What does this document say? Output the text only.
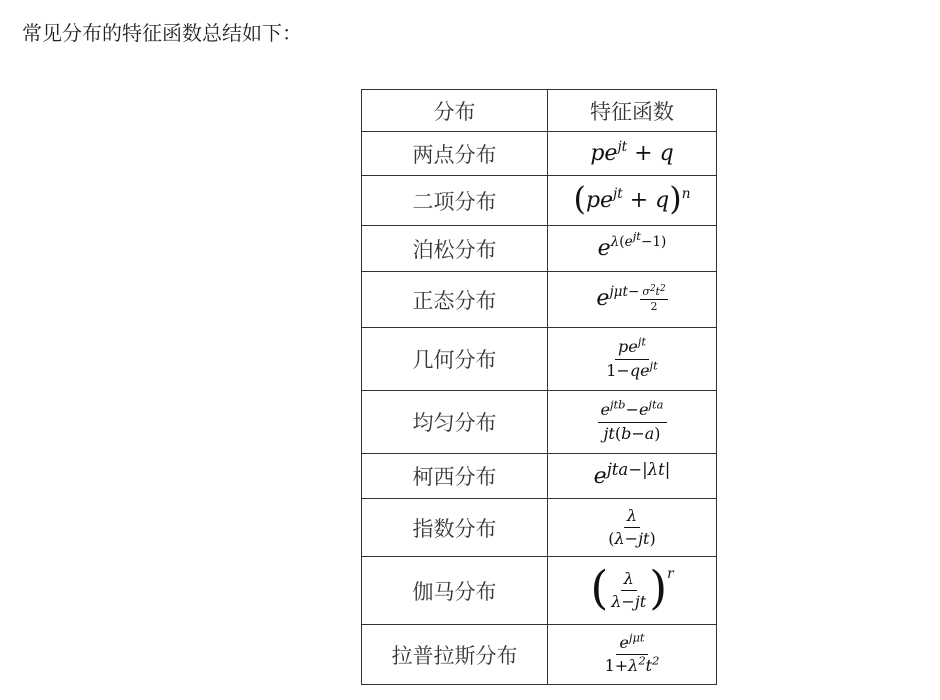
常见分布的特征函数总结如下：

分布	特征函数
两点分布	$pe^{jt} + q$
二项分布	$(pe^{jt} + q)^n$
泊松分布	$e^{\lambda(e^{jt}-1)}$
正态分布	$e^{j\mu t-} \frac{\sigma^2t^2}{2}$

几何分布	$\frac{pe^{jt}}{1-qe^{jt}}$

均匀分布	$\frac{e^{jtb}-e^{jta}}{jt(b-a)}$

柯西分布	$e^{jta-|\lambda t|}$
指数分布	$\frac{\lambda}{(\lambda-jt)}$

伽马分布	( $\frac{\lambda}{\lambda-jt} )^r$
拉普拉斯分布	$\frac{e^{j\mu t}}{1+\lambda^2t^2}$
